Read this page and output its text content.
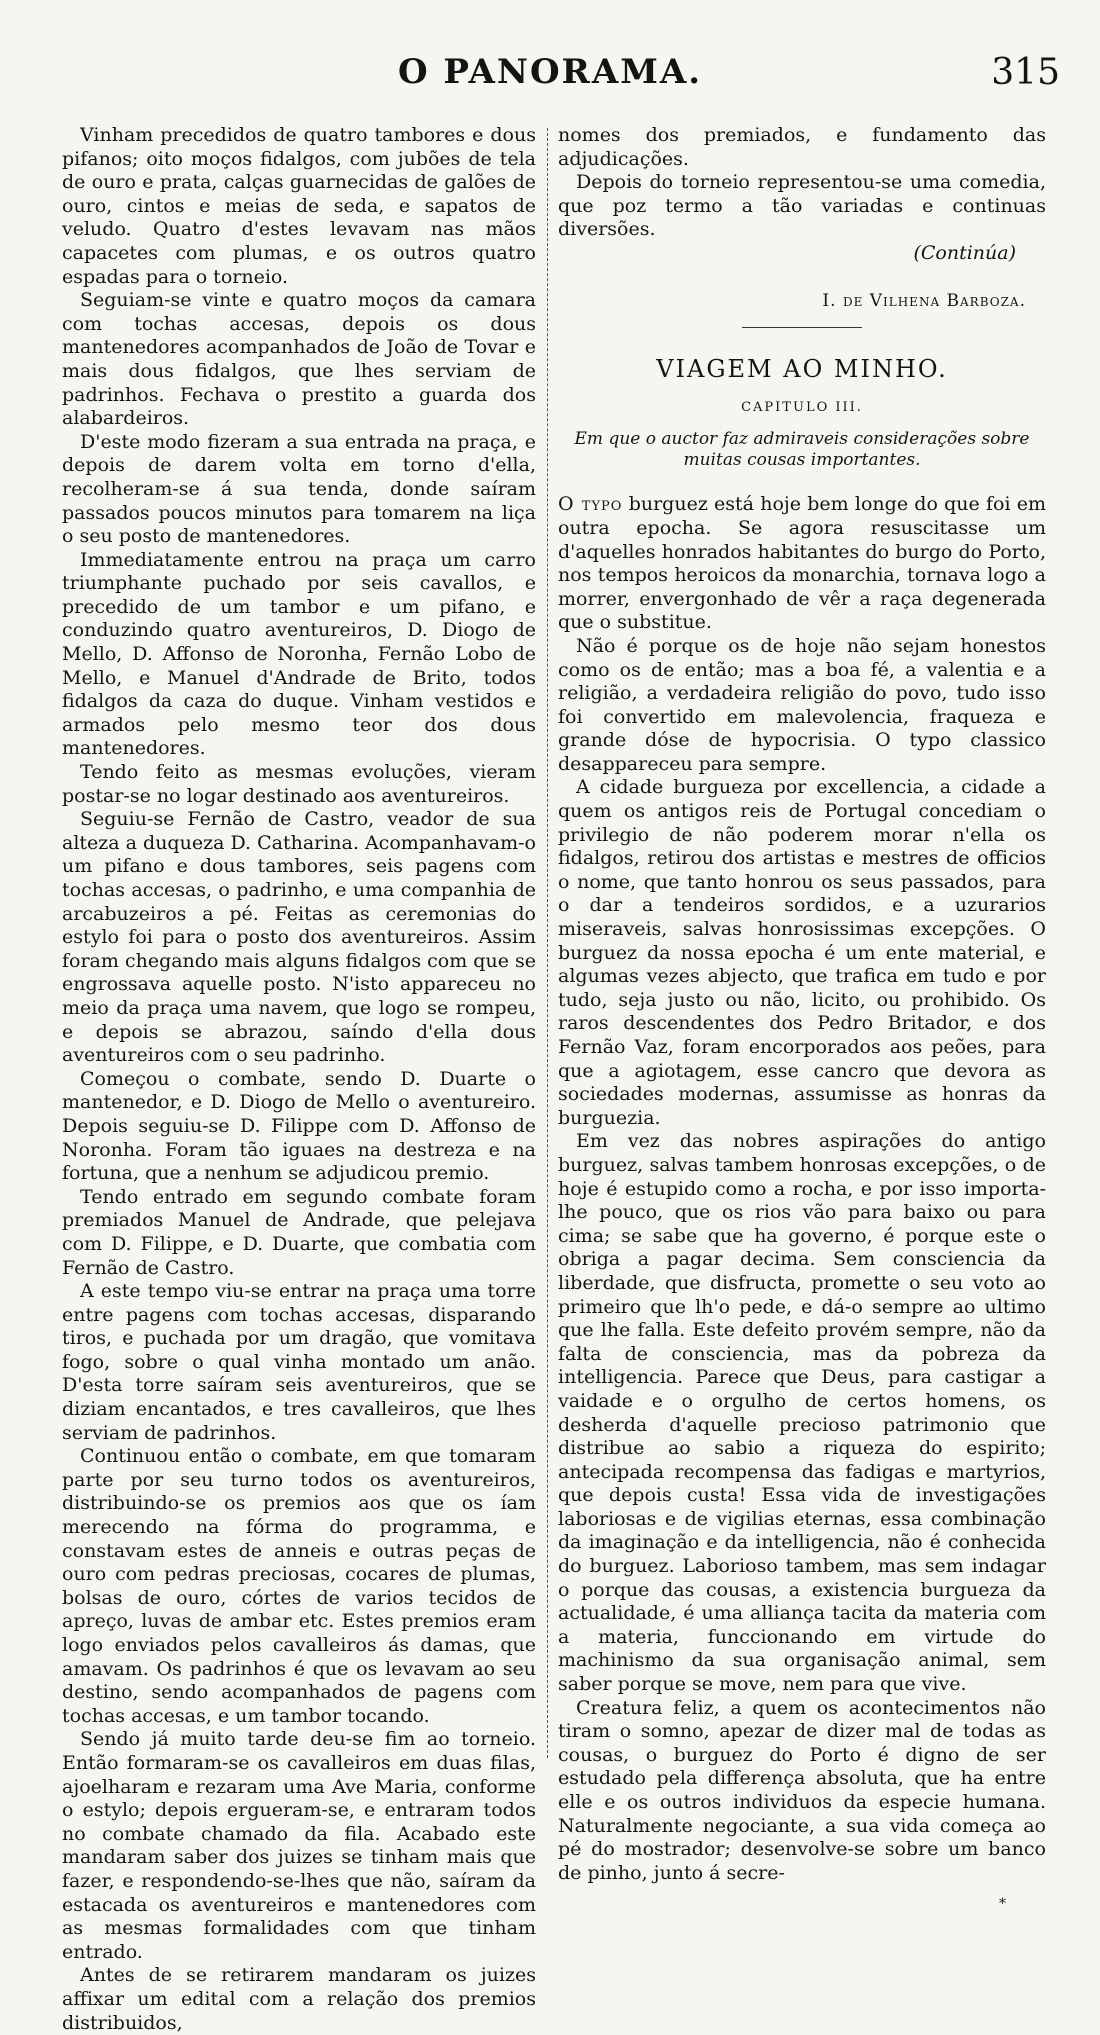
O PANORAMA.	315

Vinham precedidos de quatro tambores e dous pifanos; oito moços fidalgos, com jubões de tela de ouro e prata, calças guarnecidas de galões de ouro, cintos e meias de seda, e sapatos de veludo. Quatro d'estes levavam nas mãos capacetes com plumas, e os outros quatro espadas para o torneio.

Seguiam-se vinte e quatro moços da camara com tochas accesas, depois os dous mantenedores acompanhados de João de Tovar e mais dous fidalgos, que lhes serviam de padrinhos. Fechava o prestito a guarda dos alabardeiros.

D'este modo fizeram a sua entrada na praça, e depois de darem volta em torno d'ella, recolheram-se á sua tenda, donde saíram passados poucos minutos para tomarem na liça o seu posto de mantenedores.

Immediatamente entrou na praça um carro triumphante puchado por seis cavallos, e precedido de um tambor e um pifano, e conduzindo quatro aventureiros, D. Diogo de Mello, D. Affonso de Noronha, Fernão Lobo de Mello, e Manuel d'Andrade de Brito, todos fidalgos da caza do duque. Vinham vestidos e armados pelo mesmo teor dos dous mantenedores.

Tendo feito as mesmas evoluções, vieram postar-se no logar destinado aos aventureiros.

Seguiu-se Fernão de Castro, veador de sua alteza a duqueza D. Catharina. Acompanhavam-o um pifano e dous tambores, seis pagens com tochas accesas, o padrinho, e uma companhia de arcabuzeiros a pé. Feitas as ceremonias do estylo foi para o posto dos aventureiros. Assim foram chegando mais alguns fidalgos com que se engrossava aquelle posto. N'isto appareceu no meio da praça uma navem, que logo se rompeu, e depois se abrazou, saíndo d'ella dous aventureiros com o seu padrinho.

Começou o combate, sendo D. Duarte o mantenedor, e D. Diogo de Mello o aventureiro. Depois seguiu-se D. Filippe com D. Affonso de Noronha. Foram tão iguaes na destreza e na fortuna, que a nenhum se adjudicou premio.

Tendo entrado em segundo combate foram premiados Manuel de Andrade, que pelejava com D. Filippe, e D. Duarte, que combatia com Fernão de Castro.

A este tempo viu-se entrar na praça uma torre entre pagens com tochas accesas, disparando tiros, e puchada por um dragão, que vomitava fogo, sobre o qual vinha montado um anão. D'esta torre saíram seis aventureiros, que se diziam encantados, e tres cavalleiros, que lhes serviam de padrinhos.

Continuou então o combate, em que tomaram parte por seu turno todos os aventureiros, distribuindo-se os premios aos que os íam merecendo na fórma do programma, e constavam estes de anneis e outras peças de ouro com pedras preciosas, cocares de plumas, bolsas de ouro, córtes de varios tecidos de apreço, luvas de ambar etc. Estes premios eram logo enviados pelos cavalleiros ás damas, que amavam. Os padrinhos é que os levavam ao seu destino, sendo acompanhados de pagens com tochas accesas, e um tambor tocando.

Sendo já muito tarde deu-se fim ao torneio. Então formaram-se os cavalleiros em duas filas, ajoelharam e rezaram uma Ave Maria, conforme o estylo; depois ergueram-se, e entraram todos no combate chamado da fila. Acabado este mandaram saber dos juizes se tinham mais que fazer, e respondendo-se-lhes que não, saíram da estacada os aventureiros e mantenedores com as mesmas formalidades com que tinham entrado.

Antes de se retirarem mandaram os juizes affixar um edital com a relação dos premios distribuidos,

nomes dos premiados, e fundamento das adjudicações.

Depois do torneio representou-se uma comedia, que poz termo a tão variadas e continuas diversões.

(Continúa)
I. de Vilhena Barboza.
VIAGEM AO MINHO.
CAPITULO III.
Em que o auctor faz admiraveis considerações sobre muitas cousas importantes.

O typo burguez está hoje bem longe do que foi em outra epocha. Se agora resuscitasse um d'aquelles honrados habitantes do burgo do Porto, nos tempos heroicos da monarchia, tornava logo a morrer, envergonhado de vêr a raça degenerada que o substitue.

Não é porque os de hoje não sejam honestos como os de então; mas a boa fé, a valentia e a religião, a verdadeira religião do povo, tudo isso foi convertido em malevolencia, fraqueza e grande dóse de hypocrisia. O typo classico desappareceu para sempre.

A cidade burgueza por excellencia, a cidade a quem os antigos reis de Portugal concediam o privilegio de não poderem morar n'ella os fidalgos, retirou dos artistas e mestres de officios o nome, que tanto honrou os seus passados, para o dar a tendeiros sordidos, e a uzurarios miseraveis, salvas honrosissimas excepções. O burguez da nossa epocha é um ente material, e algumas vezes abjecto, que trafica em tudo e por tudo, seja justo ou não, licito, ou prohibido. Os raros descendentes dos Pedro Britador, e dos Fernão Vaz, foram encorporados aos peões, para que a agiotagem, esse cancro que devora as sociedades modernas, assumisse as honras da burguezia.

Em vez das nobres aspirações do antigo burguez, salvas tambem honrosas excepções, o de hoje é estupido como a rocha, e por isso importa-lhe pouco, que os rios vão para baixo ou para cima; se sabe que ha governo, é porque este o obriga a pagar decima. Sem consciencia da liberdade, que disfructa, promette o seu voto ao primeiro que lh'o pede, e dá-o sempre ao ultimo que lhe falla. Este defeito provém sempre, não da falta de consciencia, mas da pobreza da intelligencia. Parece que Deus, para castigar a vaidade e o orgulho de certos homens, os desherda d'aquelle precioso patrimonio que distribue ao sabio a riqueza do espirito; antecipada recompensa das fadigas e martyrios, que depois custa! Essa vida de investigações laboriosas e de vigilias eternas, essa combinação da imaginação e da intelligencia, não é conhecida do burguez. Laborioso tambem, mas sem indagar o porque das cousas, a existencia burgueza da actualidade, é uma alliança tacita da materia com a materia, funccionando em virtude do machinismo da sua organisação animal, sem saber porque se move, nem para que vive.

Creatura feliz, a quem os acontecimentos não tiram o somno, apezar de dizer mal de todas as cousas, o burguez do Porto é digno de ser estudado pela differença absoluta, que ha entre elle e os outros individuos da especie humana. Naturalmente negociante, a sua vida começa ao pé do mostrador; desenvolve-se sobre um banco de pinho, junto á secre-

*
